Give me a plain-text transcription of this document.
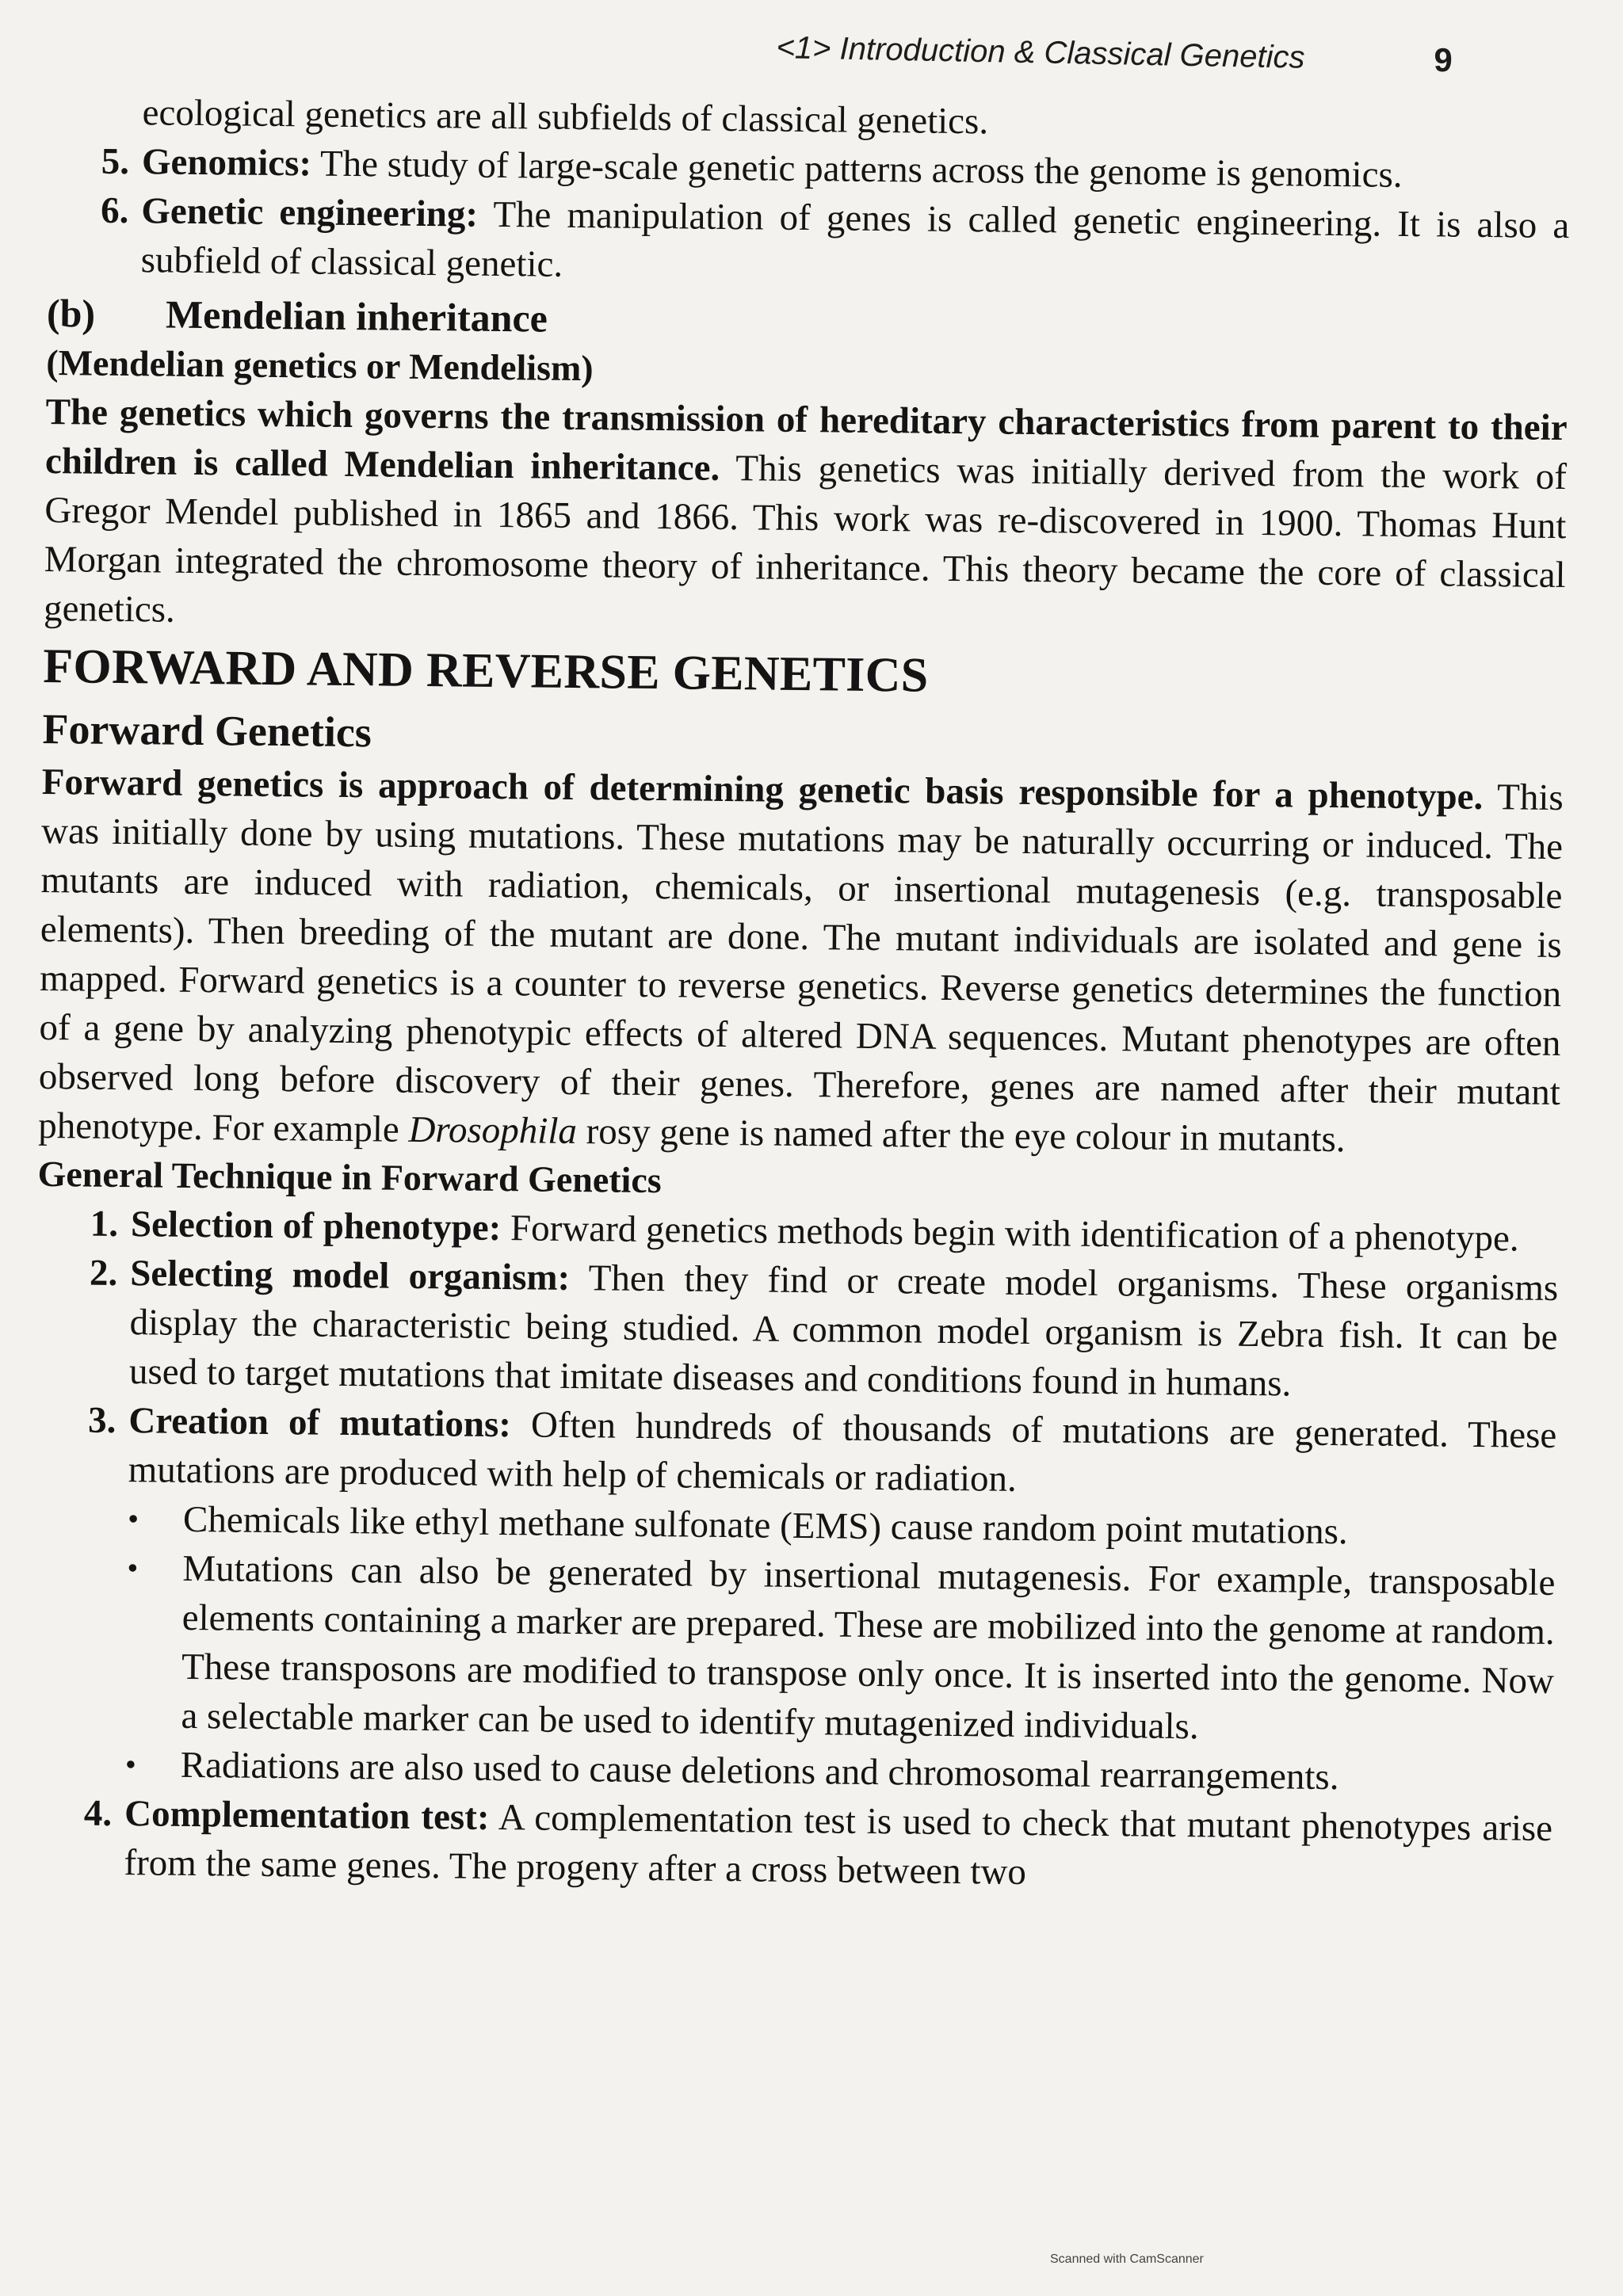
<1> Introduction & Classical Genetics	9

ecological genetics are all subfields of classical genetics.

5. Genomics: The study of large-scale genetic patterns across the genome is genomics.
6. Genetic engineering: The manipulation of genes is called genetic engineering. It is also a subfield of classical genetic.
(b)	Mendelian inheritance
(Mendelian genetics or Mendelism)

The genetics which governs the transmission of hereditary characteristics from parent to their children is called Mendelian inheritance. This genetics was initially derived from the work of Gregor Mendel published in 1865 and 1866. This work was re-discovered in 1900. Thomas Hunt Morgan integrated the chromosome theory of inheritance. This theory became the core of classical genetics.

FORWARD AND REVERSE GENETICS
Forward Genetics

Forward genetics is approach of determining genetic basis responsible for a phenotype. This was initially done by using mutations. These mutations may be naturally occurring or induced. The mutants are induced with radiation, chemicals, or insertional mutagenesis (e.g. transposable elements). Then breeding of the mutant are done. The mutant individuals are isolated and gene is mapped. Forward genetics is a counter to reverse genetics. Reverse genetics determines the function of a gene by analyzing phenotypic effects of altered DNA sequences. Mutant phenotypes are often observed long before discovery of their genes. Therefore, genes are named after their mutant phenotype. For example Drosophila rosy gene is named after the eye colour in mutants.

General Technique in Forward Genetics
1. Selection of phenotype: Forward genetics methods begin with identification of a phenotype.
2. Selecting model organism: Then they find or create model organisms. These organisms display the characteristic being studied. A common model organism is Zebra fish. It can be used to target mutations that imitate diseases and conditions found in humans.
3. Creation of mutations: Often hundreds of thousands of mutations are generated. These mutations are produced with help of chemicals or radiation.
•	Chemicals like ethyl methane sulfonate (EMS) cause random point mutations.
•	Mutations can also be generated by insertional mutagenesis. For example, transposable elements containing a marker are prepared. These are mobilized into the genome at random. These transposons are modified to transpose only once. It is inserted into the genome. Now a selectable marker can be used to identify mutagenized individuals.
•	Radiations are also used to cause deletions and chromosomal rearrangements.
4. Complementation test: A complementation test is used to check that mutant phenotypes arise from the same genes. The progeny after a cross between two
Scanned with CamScanner
